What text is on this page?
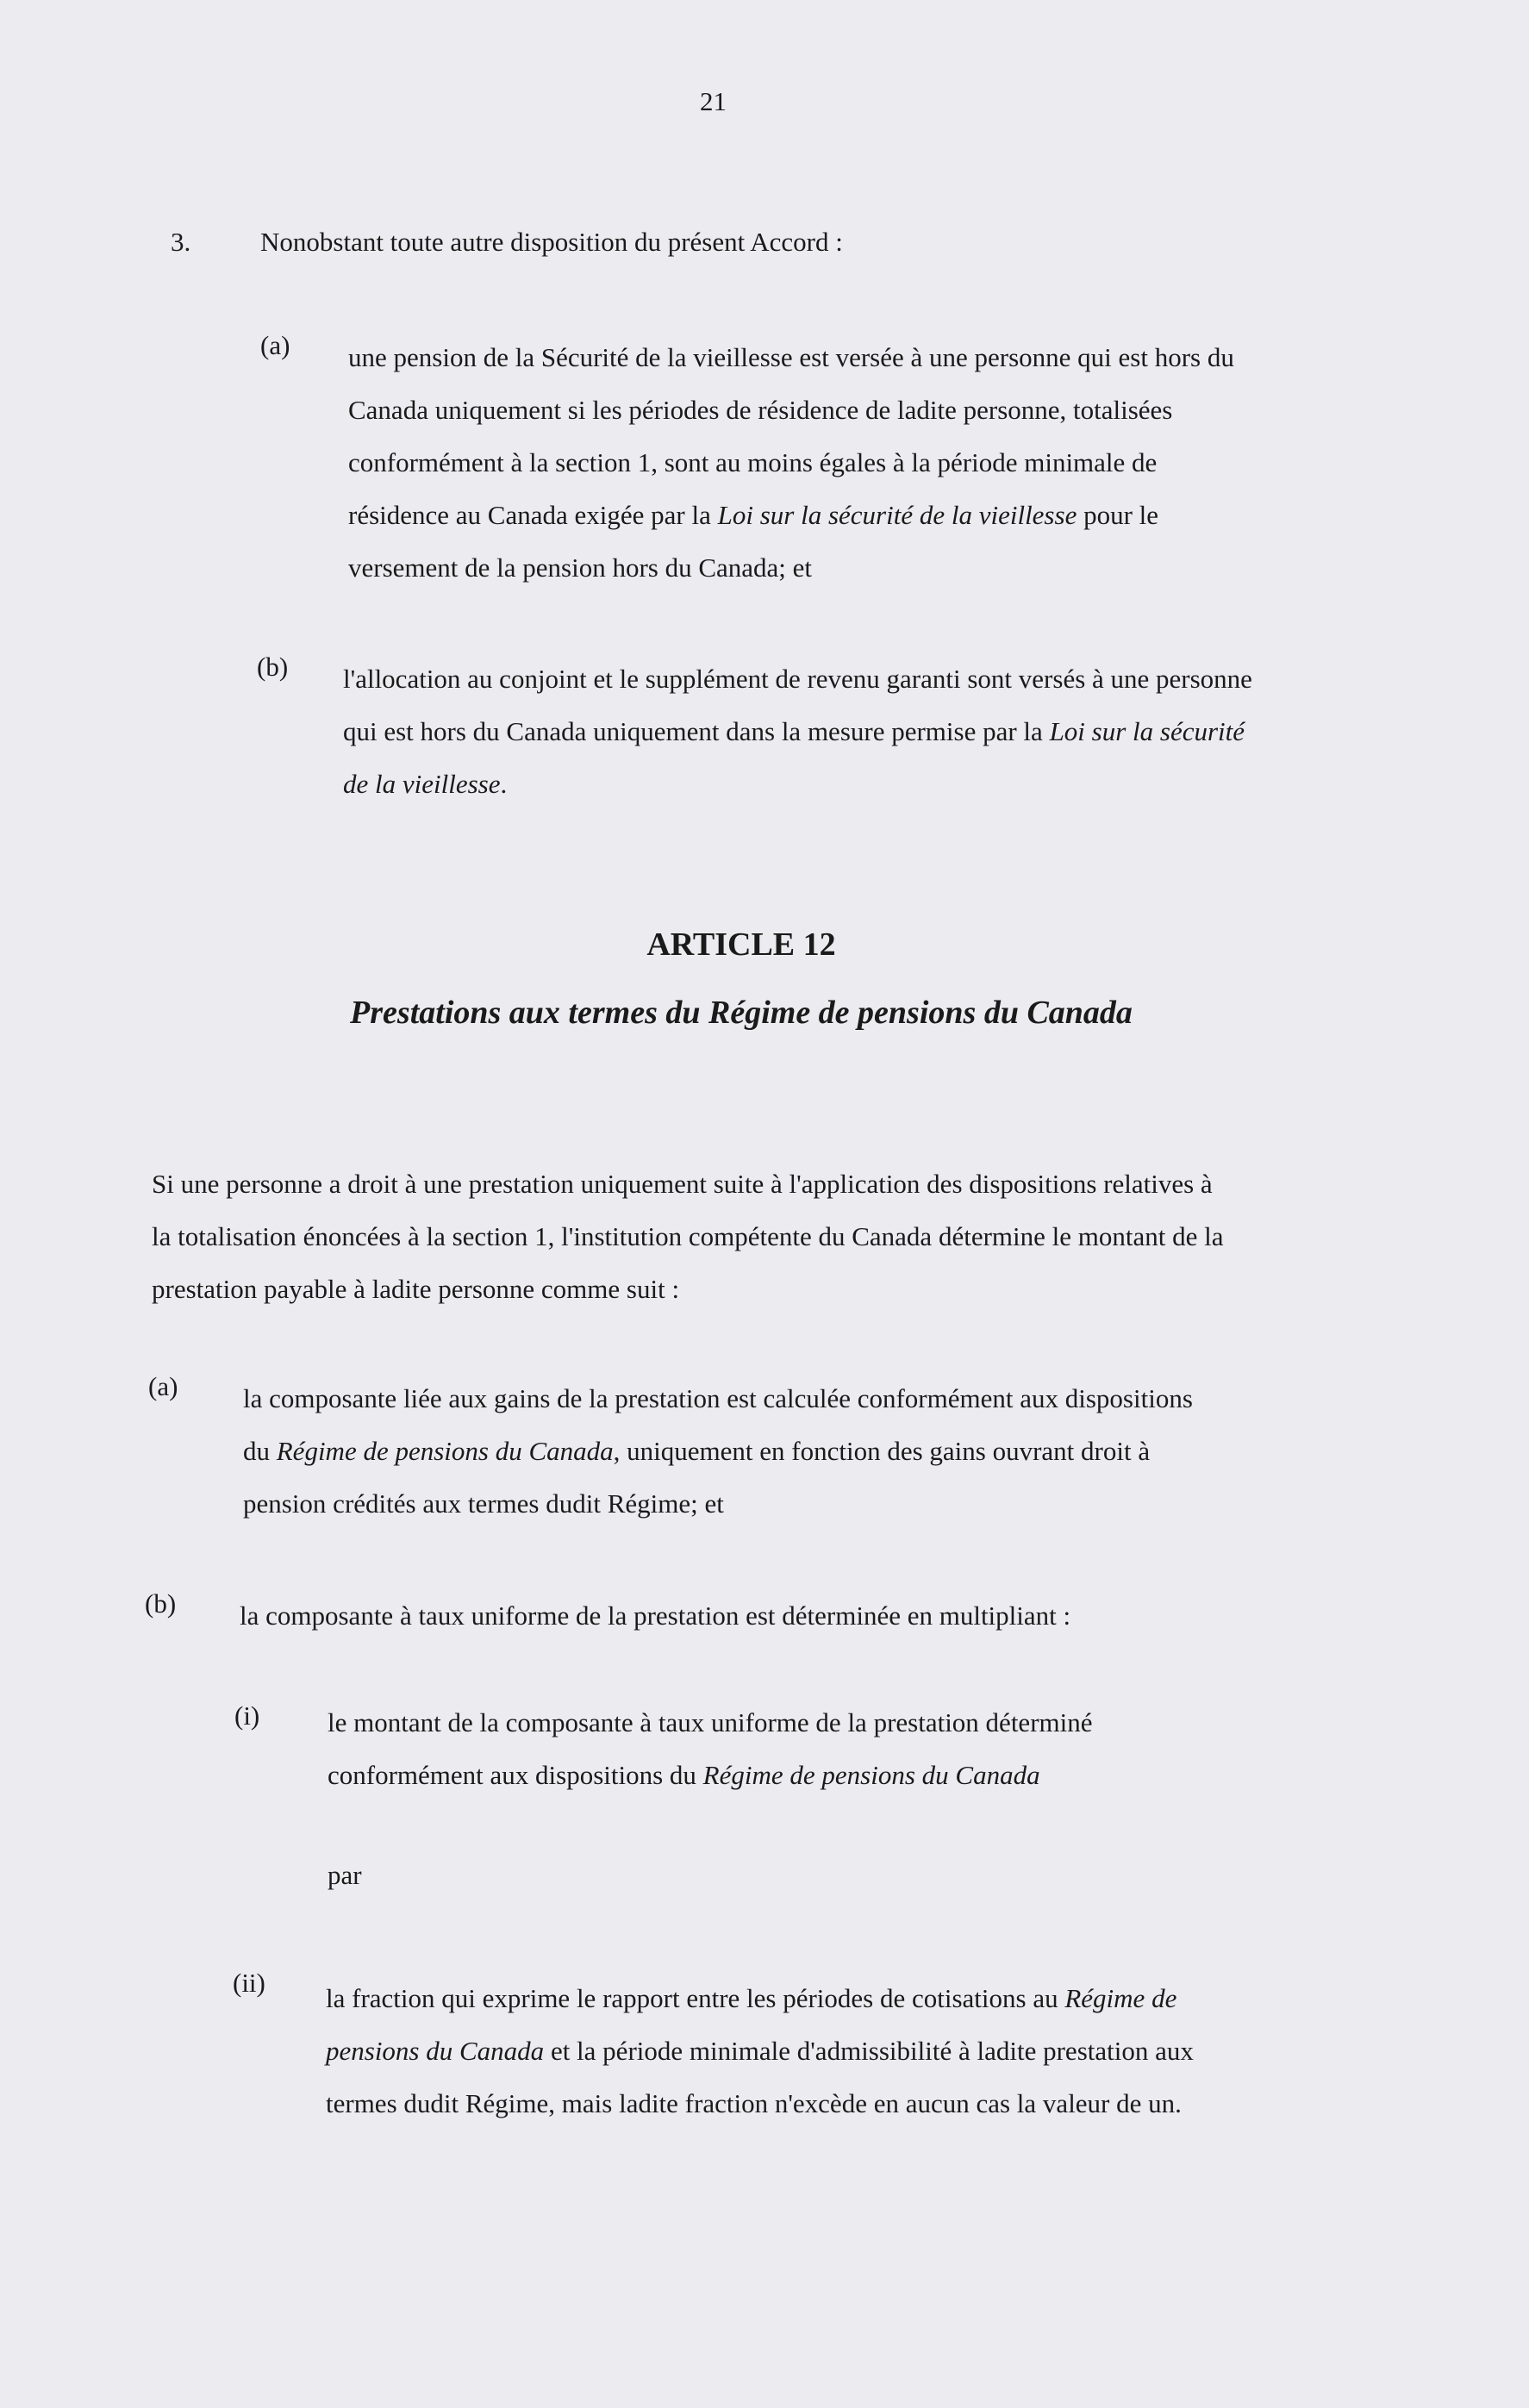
21
3.	Nonobstant toute autre disposition du présent Accord :
(a) une pension de la Sécurité de la vieillesse est versée à une personne qui est hors du Canada uniquement si les périodes de résidence de ladite personne, totalisées conformément à la section 1, sont au moins égales à la période minimale de résidence au Canada exigée par la Loi sur la sécurité de la vieillesse pour le versement de la pension hors du Canada; et
(b) l'allocation au conjoint et le supplément de revenu garanti sont versés à une personne qui est hors du Canada uniquement dans la mesure permise par la Loi sur la sécurité de la vieillesse.
ARTICLE 12
Prestations aux termes du Régime de pensions du Canada
Si une personne a droit à une prestation uniquement suite à l'application des dispositions relatives à la totalisation énoncées à la section 1, l'institution compétente du Canada détermine le montant de la prestation payable à ladite personne comme suit :
(a) la composante liée aux gains de la prestation est calculée conformément aux dispositions du Régime de pensions du Canada, uniquement en fonction des gains ouvrant droit à pension crédités aux termes dudit Régime; et
(b) la composante à taux uniforme de la prestation est déterminée en multipliant :
(i)	le montant de la composante à taux uniforme de la prestation déterminé conformément aux dispositions du Régime de pensions du Canada
par
(ii)
la fraction qui exprime le rapport entre les périodes de cotisations au Régime de pensions du Canada et la période minimale d'admissibilité à ladite prestation aux termes dudit Régime, mais ladite fraction n'excède en aucun cas la valeur de un.
